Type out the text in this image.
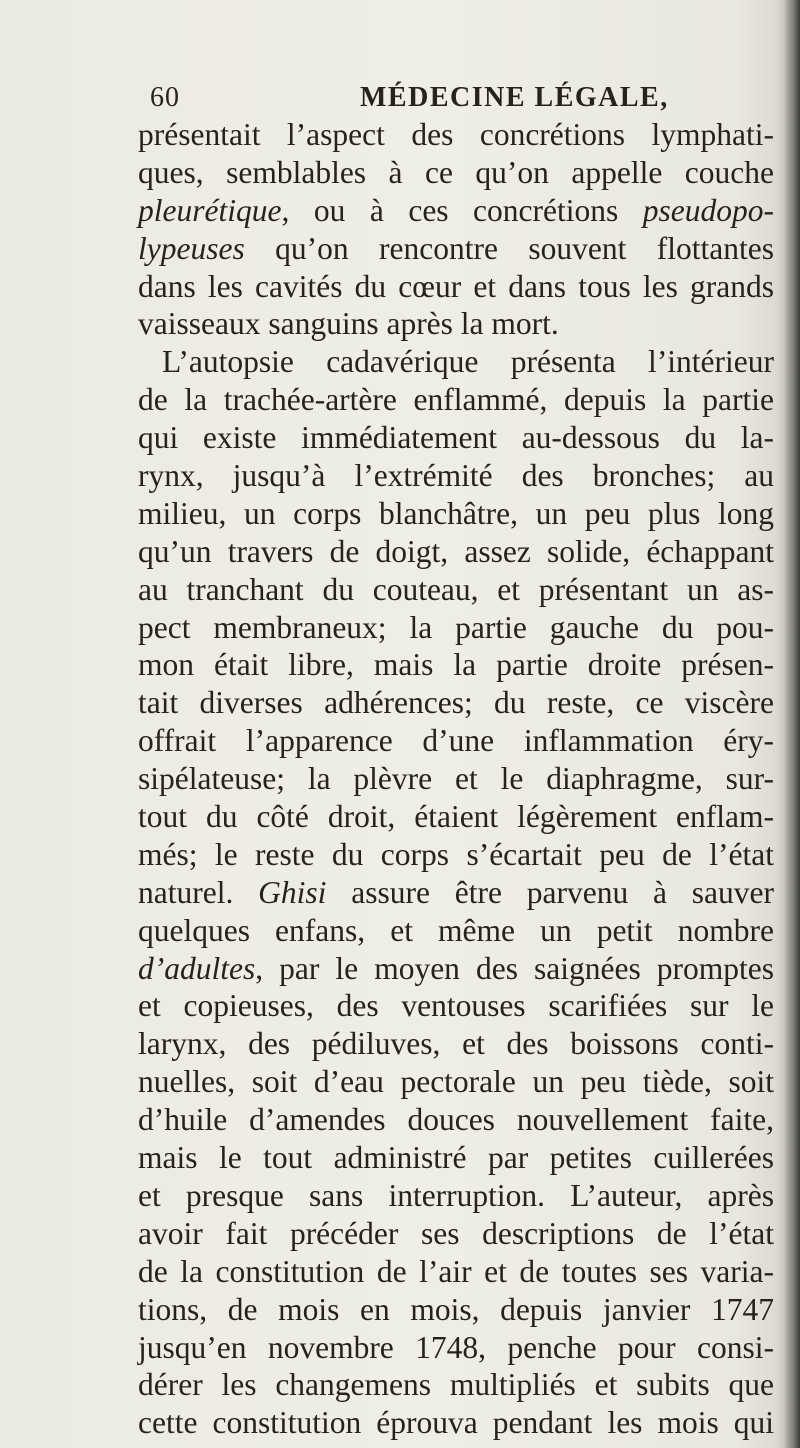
60	MÉDECINE LÉGALE,
présentait l’aspect des concrétions lymphati-
ques, semblables à ce qu’on appelle couche
pleurétique, ou à ces concrétions pseudopo-
lypeuses qu’on rencontre souvent flottantes
dans les cavités du cœur et dans tous les grands
vaisseaux sanguins après la mort.
L’autopsie cadavérique présenta l’intérieur
de la trachée-artère enflammé, depuis la partie
qui existe immédiatement au-dessous du la-
rynx, jusqu’à l’extrémité des bronches; au
milieu, un corps blanchâtre, un peu plus long
qu’un travers de doigt, assez solide, échappant
au tranchant du couteau, et présentant un as-
pect membraneux; la partie gauche du pou-
mon était libre, mais la partie droite présen-
tait diverses adhérences; du reste, ce viscère
offrait l’apparence d’une inflammation éry-
sipélateuse; la plèvre et le diaphragme, sur-
tout du côté droit, étaient légèrement enflam-
més; le reste du corps s’écartait peu de l’état
naturel. Ghisi assure être parvenu à sauver
quelques enfans, et même un petit nombre
d’adultes, par le moyen des saignées promptes
et copieuses, des ventouses scarifiées sur le
larynx, des pédiluves, et des boissons conti-
nuelles, soit d’eau pectorale un peu tiède, soit
d’huile d’amendes douces nouvellement faite,
mais le tout administré par petites cuillerées
et presque sans interruption. L’auteur, après
avoir fait précéder ses descriptions de l’état
de la constitution de l’air et de toutes ses varia-
tions, de mois en mois, depuis janvier 1747
jusqu’en novembre 1748, penche pour consi-
dérer les changemens multipliés et subits que
cette constitution éprouva pendant les mois qui
